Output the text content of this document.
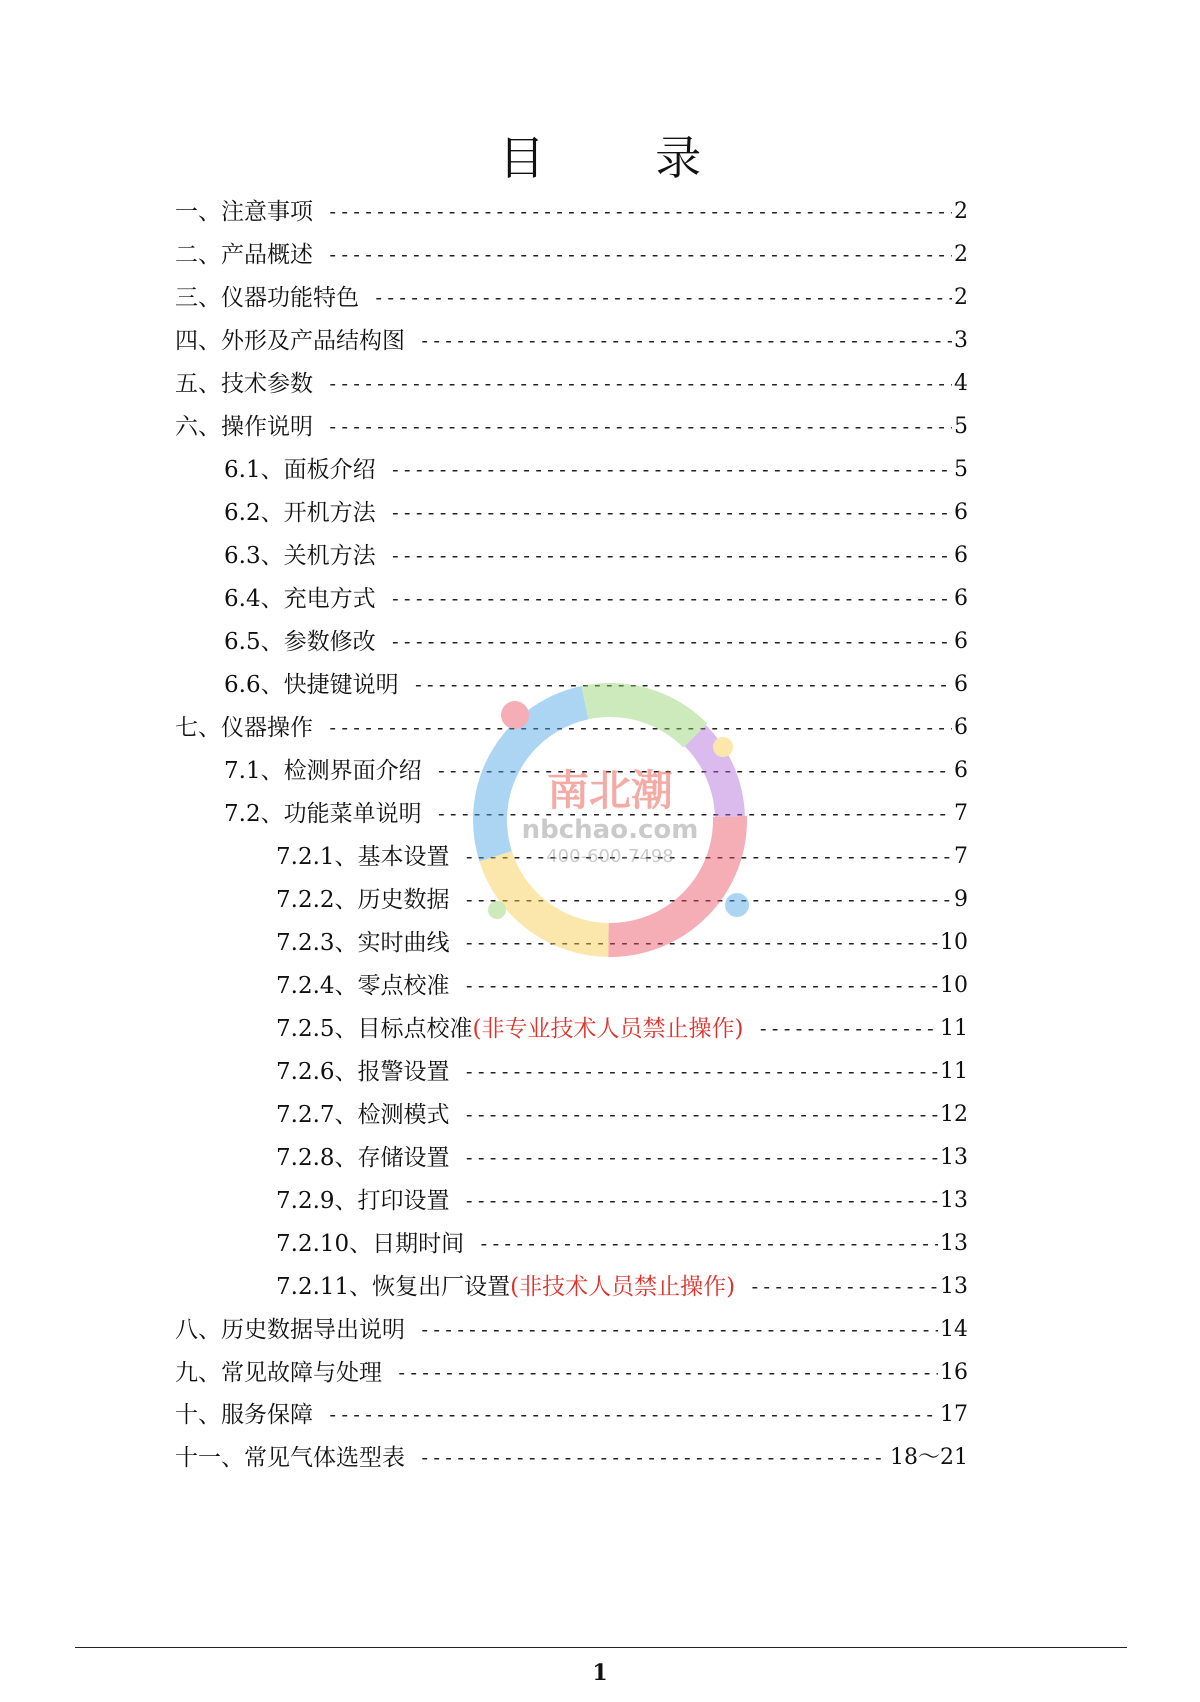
目 录
一、注意事项 -----	2
二、产品概述 -----	2
三、仪器功能特色 -----	2
四、外形及产品结构图 -----	3
五、技术参数 -----	4
六、操作说明 -----	5
6.1、面板介绍 -----	5
6.2、开机方法 -----	6
6.3、关机方法 -----	6
6.4、充电方式 -----	6
6.5、参数修改 -----	6
6.6、快捷键说明 -----	6
七、仪器操作 -----	6
7.1、检测界面介绍 -----	6
7.2、功能菜单说明 -----	7
7.2.1、基本设置 -----	7
7.2.2、历史数据 -----	9
7.2.3、实时曲线 -----	10
7.2.4、零点校准 -----	10
7.2.5、目标点校准 (非专业技术人员禁止操作) -----	11
7.2.6、报警设置 -----	11
7.2.7、检测模式 -----	12
7.2.8、存储设置 -----	13
7.2.9、打印设置 -----	13
7.2.10、日期时间 -----	13
7.2.11、恢复出厂设置 (非技术人员禁止操作) -----	13
八、历史数据导出说明 -----	14
九、常见故障与处理 -----	16
十、服务保障 -----	17
十一、常见气体选型表 -----	18～21
南北潮
nbchao.com
400-600-7498
1
